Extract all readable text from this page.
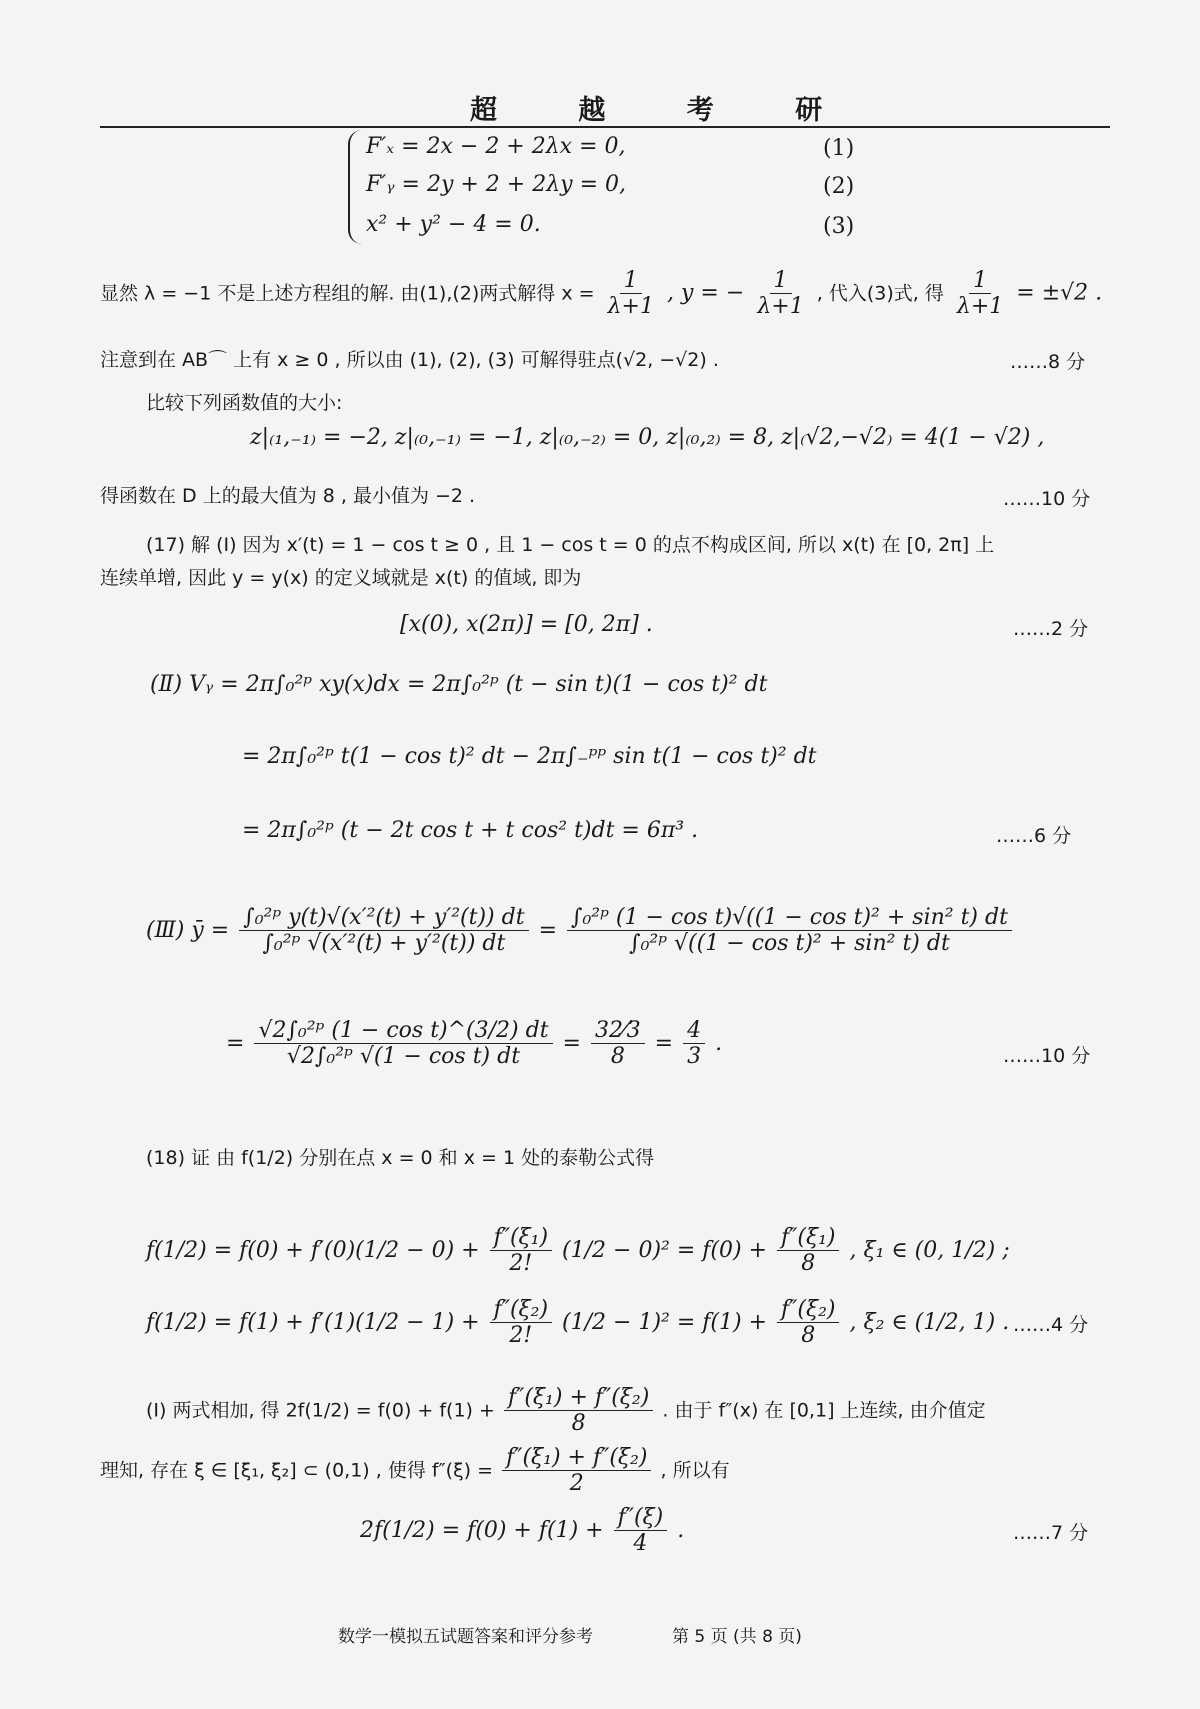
超 越 考 研
F′ₓ = 2x − 2 + 2λx = 0,	(1)
F′ᵧ = 2y + 2 + 2λy = 0,	(2)
x² + y² − 4 = 0.	(3)
显然 λ = −1 不是上述方程组的解. 由(1),(2)两式解得 $x = \frac{1}{\lambda+1}$ , y = − $\frac{1}{\lambda+1}$ , 代入(3)式, 得 $\frac{1}{\lambda+1} = \pm√2$ .
注意到在 AB⌒ 上有 x ≥ 0 , 所以由 (1), (2), (3) 可解得驻点(√2, −√2) .	……8 分
比较下列函数值的大小:
z|₍₁,₋₁₎ = −2, z|₍₀,₋₁₎ = −1, z|₍₀,₋₂₎ = 0, z|₍₀,₂₎ = 8, z|₍√2,−√2₎ = 4(1 − √2) ,
得函数在 D 上的最大值为 8 , 最小值为 −2 .	……10 分
(17) 解 (Ⅰ) 因为 x′(t) = 1 − cos t ≥ 0 , 且 1 − cos t = 0 的点不构成区间, 所以 x(t) 在 [0, 2π] 上
连续单增, 因此 y = y(x) 的定义域就是 x(t) 的值域, 即为
[x(0), x(2π)] = [0, 2π] .	……2 分
(Ⅱ) Vᵧ = 2π∫₀²ᵖ xy(x)dx = 2π∫₀²ᵖ (t − sin t)(1 − cos t)² dt
= 2π∫₀²ᵖ t(1 − cos t)² dt − 2π∫₋ᵖᵖ sin t(1 − cos t)² dt
= 2π∫₀²ᵖ (t − 2t cos t + t cos² t)dt = 6π³ .	……6 分
(Ⅲ) ȳ = $\frac{\text{∫₀²ᵖ y(t)√(x′²(t) + y′²(t)) dt}}{\text{∫₀²ᵖ √(x′²(t) + y′²(t)) dt}} = \frac{\text{∫₀²ᵖ (1 − cos t)√((1 − cos t)² + sin² t) dt}}{\text{∫₀²ᵖ √((1 − cos t)² + sin² t) dt}}$
= $\frac{\text{√2∫₀²ᵖ (1 − cos t)\textasciicircum{}(3/2) dt}}{\text{√2∫₀²ᵖ √(1 − cos t) dt}} = \frac{32⁄3}{8} = \frac{4}{3}$ .
……10 分
(18) 证 由 f(1/2) 分别在点 x = 0 和 x = 1 处的泰勒公式得
$f(1/2) = f(0) + f'(0)(1/2 - 0) + \frac{\text{f″(ξ₁)}}{2!} (1/2 - 0)^2 = f(0) + \frac{\text{f″(ξ₁)}}{8}$ , ξ₁ ∈ (0, 1/2) ;
$f(1/2) = f(1) + f'(1)(1/2 - 1) + \frac{\text{f″(ξ₂)}}{2!} (1/2 - 1)^2 = f(1) + \frac{\text{f″(ξ₂)}}{8}$ , ξ₂ ∈ (1/2, 1) . ……4 分
(Ⅰ) 两式相加, 得 $2f(1/2) = f(0) + f(1) + \frac{\text{f″(ξ₁) + f″(ξ₂)}}{8}$ . 由于 f″(x) 在 [0,1] 上连续, 由介值定
理知, 存在 ξ ∈ [ξ₁, ξ₂] ⊂ (0,1) , 使得 $f''(\xi) = \frac{\text{f″(ξ₁) + f″(ξ₂)}}{2}$ , 所以有
$2f(1/2) = f(0) + f(1) + \frac{f''(\xi)}{4}$ .	……7 分
数学一模拟五试题答案和评分参考	第 5 页 (共 8 页)
